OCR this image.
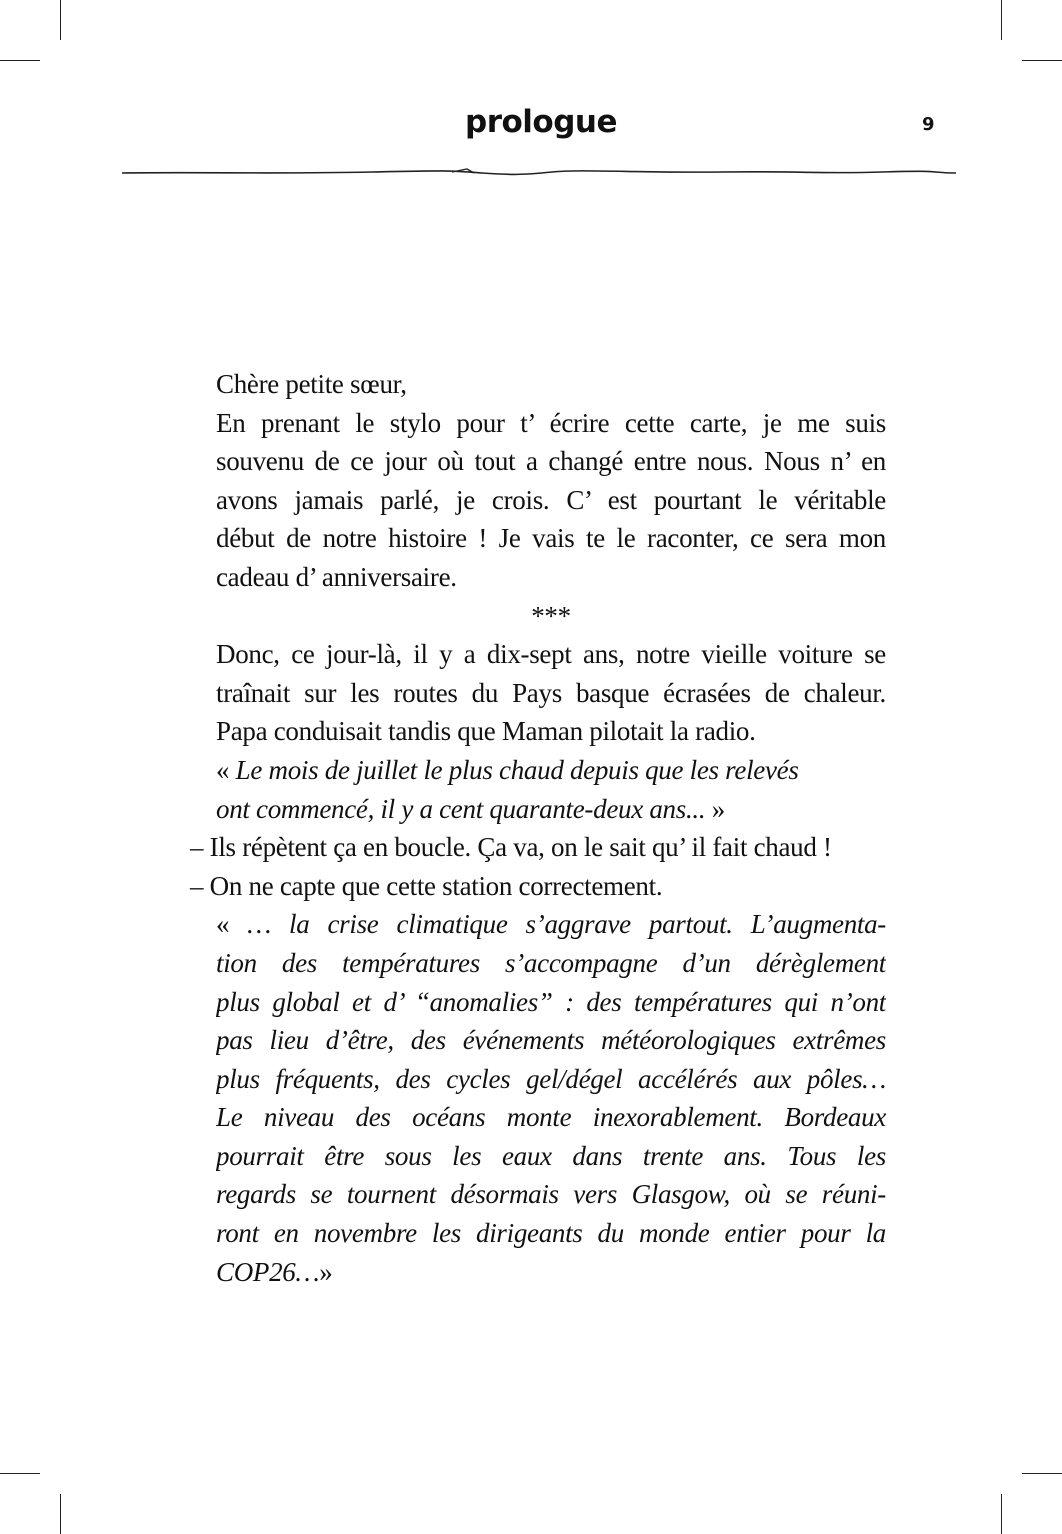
prologue	9
Chère petite sœur,
En prenant le stylo pour t’ écrire cette carte, je me suis
souvenu de ce jour où tout a changé entre nous. Nous n’ en
avons jamais parlé, je crois. C’ est pourtant le véritable
début de notre histoire ! Je vais te le raconter, ce sera mon
cadeau d’ anniversaire.
***
Donc, ce jour-là, il y a dix-sept ans, notre vieille voiture se
traînait sur les routes du Pays basque écrasées de chaleur.
Papa conduisait tandis que Maman pilotait la radio.
« Le mois de juillet le plus chaud depuis que les relevés
ont commencé, il y a cent quarante-deux ans... »
– Ils répètent ça en boucle. Ça va, on le sait qu’ il fait chaud !
– On ne capte que cette station correctement.
« … la crise climatique s’aggrave partout. L’augmenta-
tion des températures s’accompagne d’un dérèglement
plus global et d’ “anomalies” : des températures qui n’ont
pas lieu d’être, des événements météorologiques extrêmes
plus fréquents, des cycles gel/dégel accélérés aux pôles…
Le niveau des océans monte inexorablement. Bordeaux
pourrait être sous les eaux dans trente ans. Tous les
regards se tournent désormais vers Glasgow, où se réuni-
ront en novembre les dirigeants du monde entier pour la
COP26…»
